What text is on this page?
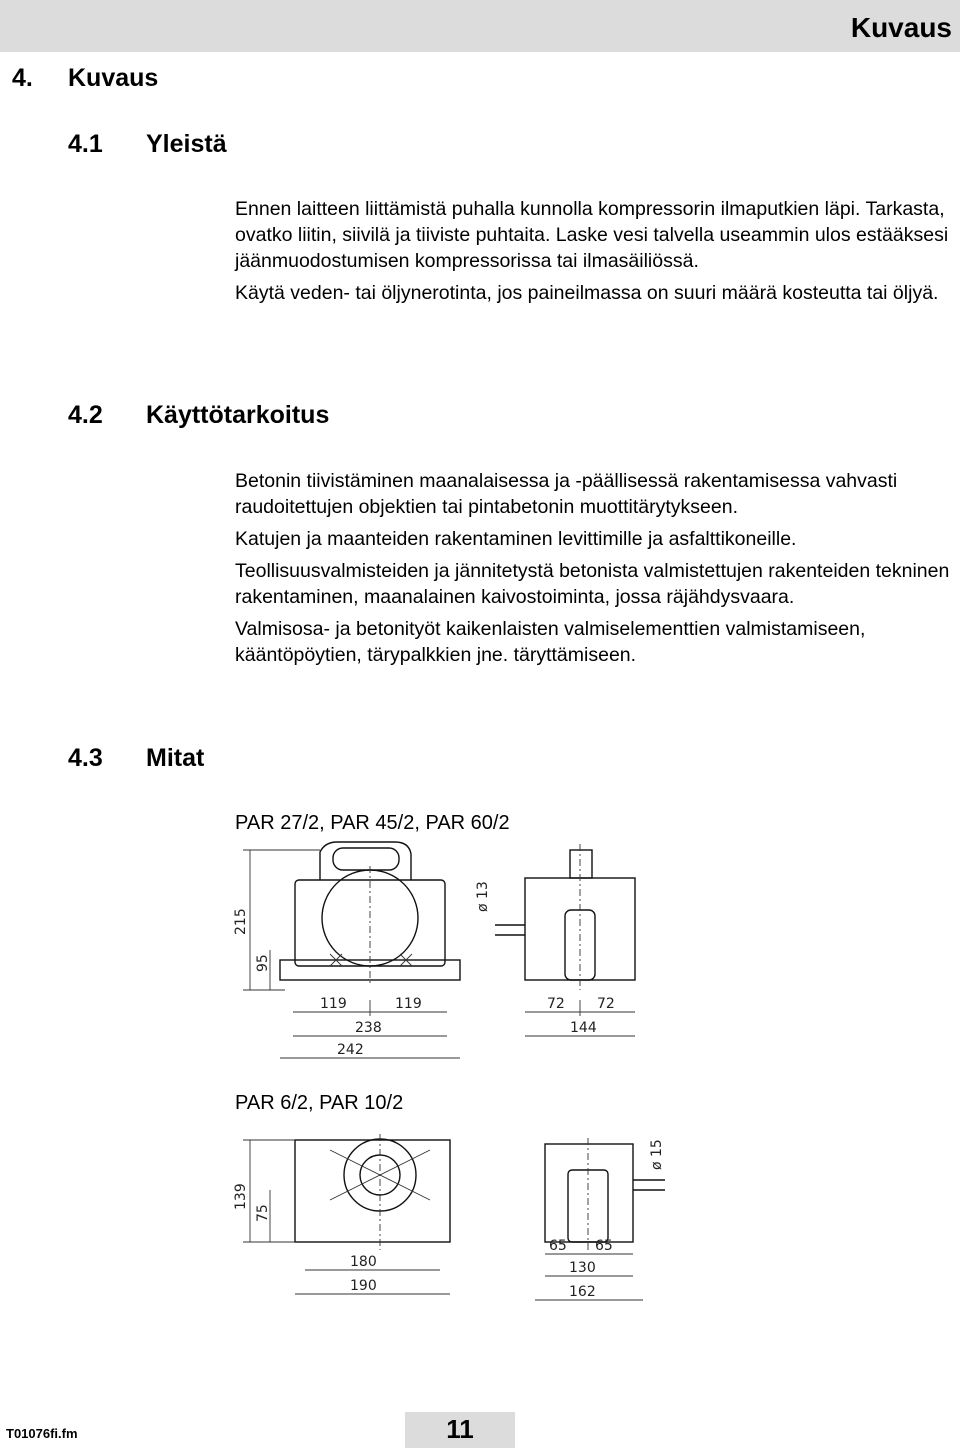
Kuvaus
4. Kuvaus
4.1 Yleistä

Ennen laitteen liittämistä puhalla kunnolla kompressorin ilmaputkien läpi. Tarkasta, ovatko liitin, siivilä ja tiiviste puhtaita. Laske vesi talvella useammin ulos estääksesi jäänmuodostumisen kompressorissa tai ilmasäiliössä.

Käytä veden- tai öljynerotinta, jos paineilmassa on suuri määrä kosteutta tai öljyä.

4.2 Käyttötarkoitus

Betonin tiivistäminen maanalaisessa ja -päällisessä rakentamisessa vahvasti raudoitettujen objektien tai pintabetonin muottitärytykseen.

Katujen ja maanteiden rakentaminen levittimille ja asfalttikoneille.

Teollisuusvalmisteiden ja jännitetystä betonista valmistettujen rakenteiden tekninen rakentaminen, maanalainen kaivostoiminta, jossa räjähdysvaara.

Valmisosa- ja betonityöt kaikenlaisten valmiselementtien valmistamiseen, kääntöpöytien, tärypalkkien jne. täryttämiseen.

4.3 Mitat
PAR 27/2, PAR 45/2, PAR 60/2
215
95
ø 13
119	119
238
242
72 72
144
PAR 6/2, PAR 10/2
139
75
ø 15
180
190
65 65
130
162
T01076fi.fm	11
